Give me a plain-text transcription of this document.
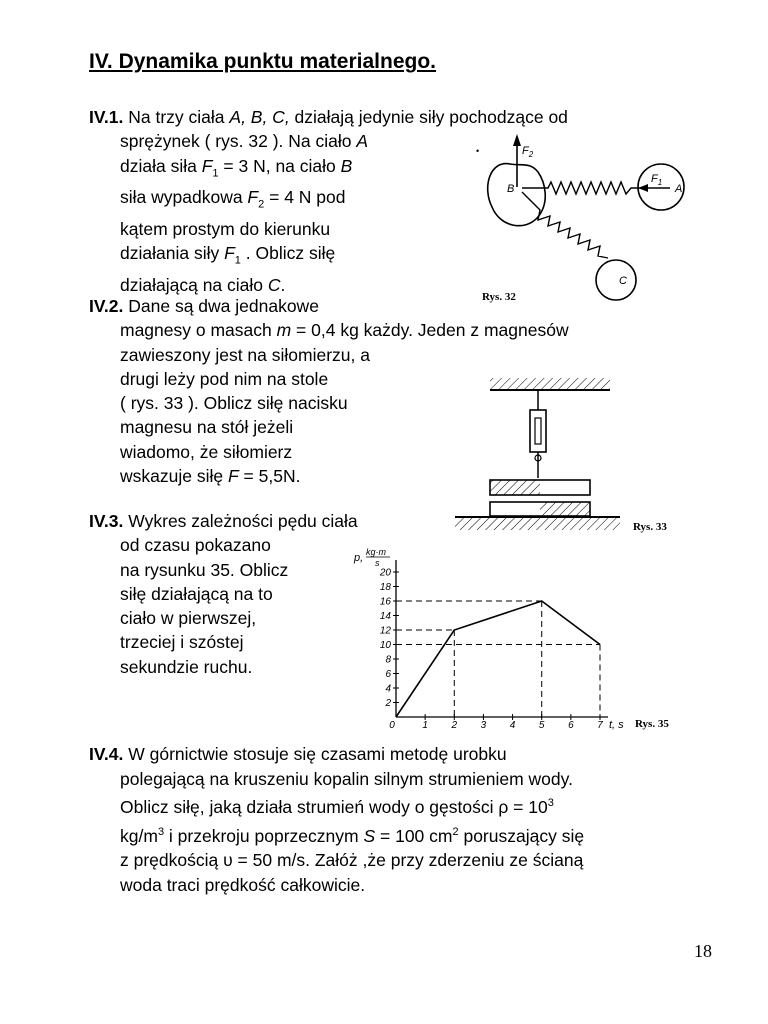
IV. Dynamika punktu materialnego.
IV.1. Na trzy ciała A, B, C, działają jedynie siły pochodzące od
sprężynek ( rys. 32 ). Na ciało A
działa siła $F_1 = 3$ N, na ciało B
siła wypadkowa $F_2 = 4$ N pod
kątem prostym do kierunku
działania siły $F_1$ . Oblicz siłę
działającą na ciało C.
IV.2. Dane są dwa jednakowe
magnesy o masach m = 0,4 kg każdy. Jeden z magnesów
zawieszony jest na siłomierzu, a
drugi leży pod nim na stole
( rys. 33 ). Oblicz siłę nacisku
magnesu na stół jeżeli
wiadomo, że siłomierz
wskazuje siłę F = 5,5N.
IV.3. Wykres zależności pędu ciała
od czasu pokazano
na rysunku 35. Oblicz
siłę działającą na to
ciało w pierwszej,
trzeciej i szóstej
sekundzie ruchu.
IV.4. W górnictwie stosuje się czasami metodę urobku
polegającą na kruszeniu kopalin silnym strumieniem wody.
Oblicz siłę, jaką działa strumień wody o gęstości $\rho = 10^3$
$kg/m^3$ i przekroju poprzecznym S = 100 $cm^2$ poruszający się
z prędkością υ = 50 m/s. Załóż ,że przy zderzeniu ze ścianą
woda traci prędkość całkowicie.
$F_2$
•
B
$F_1$
A
C
Rys. 32
Rys. 33
2
4
6
8
10
12
14
16
18
20
0	1 2 3 4 5 6 7
p, kg·m
s
t, s Rys. 35
18
